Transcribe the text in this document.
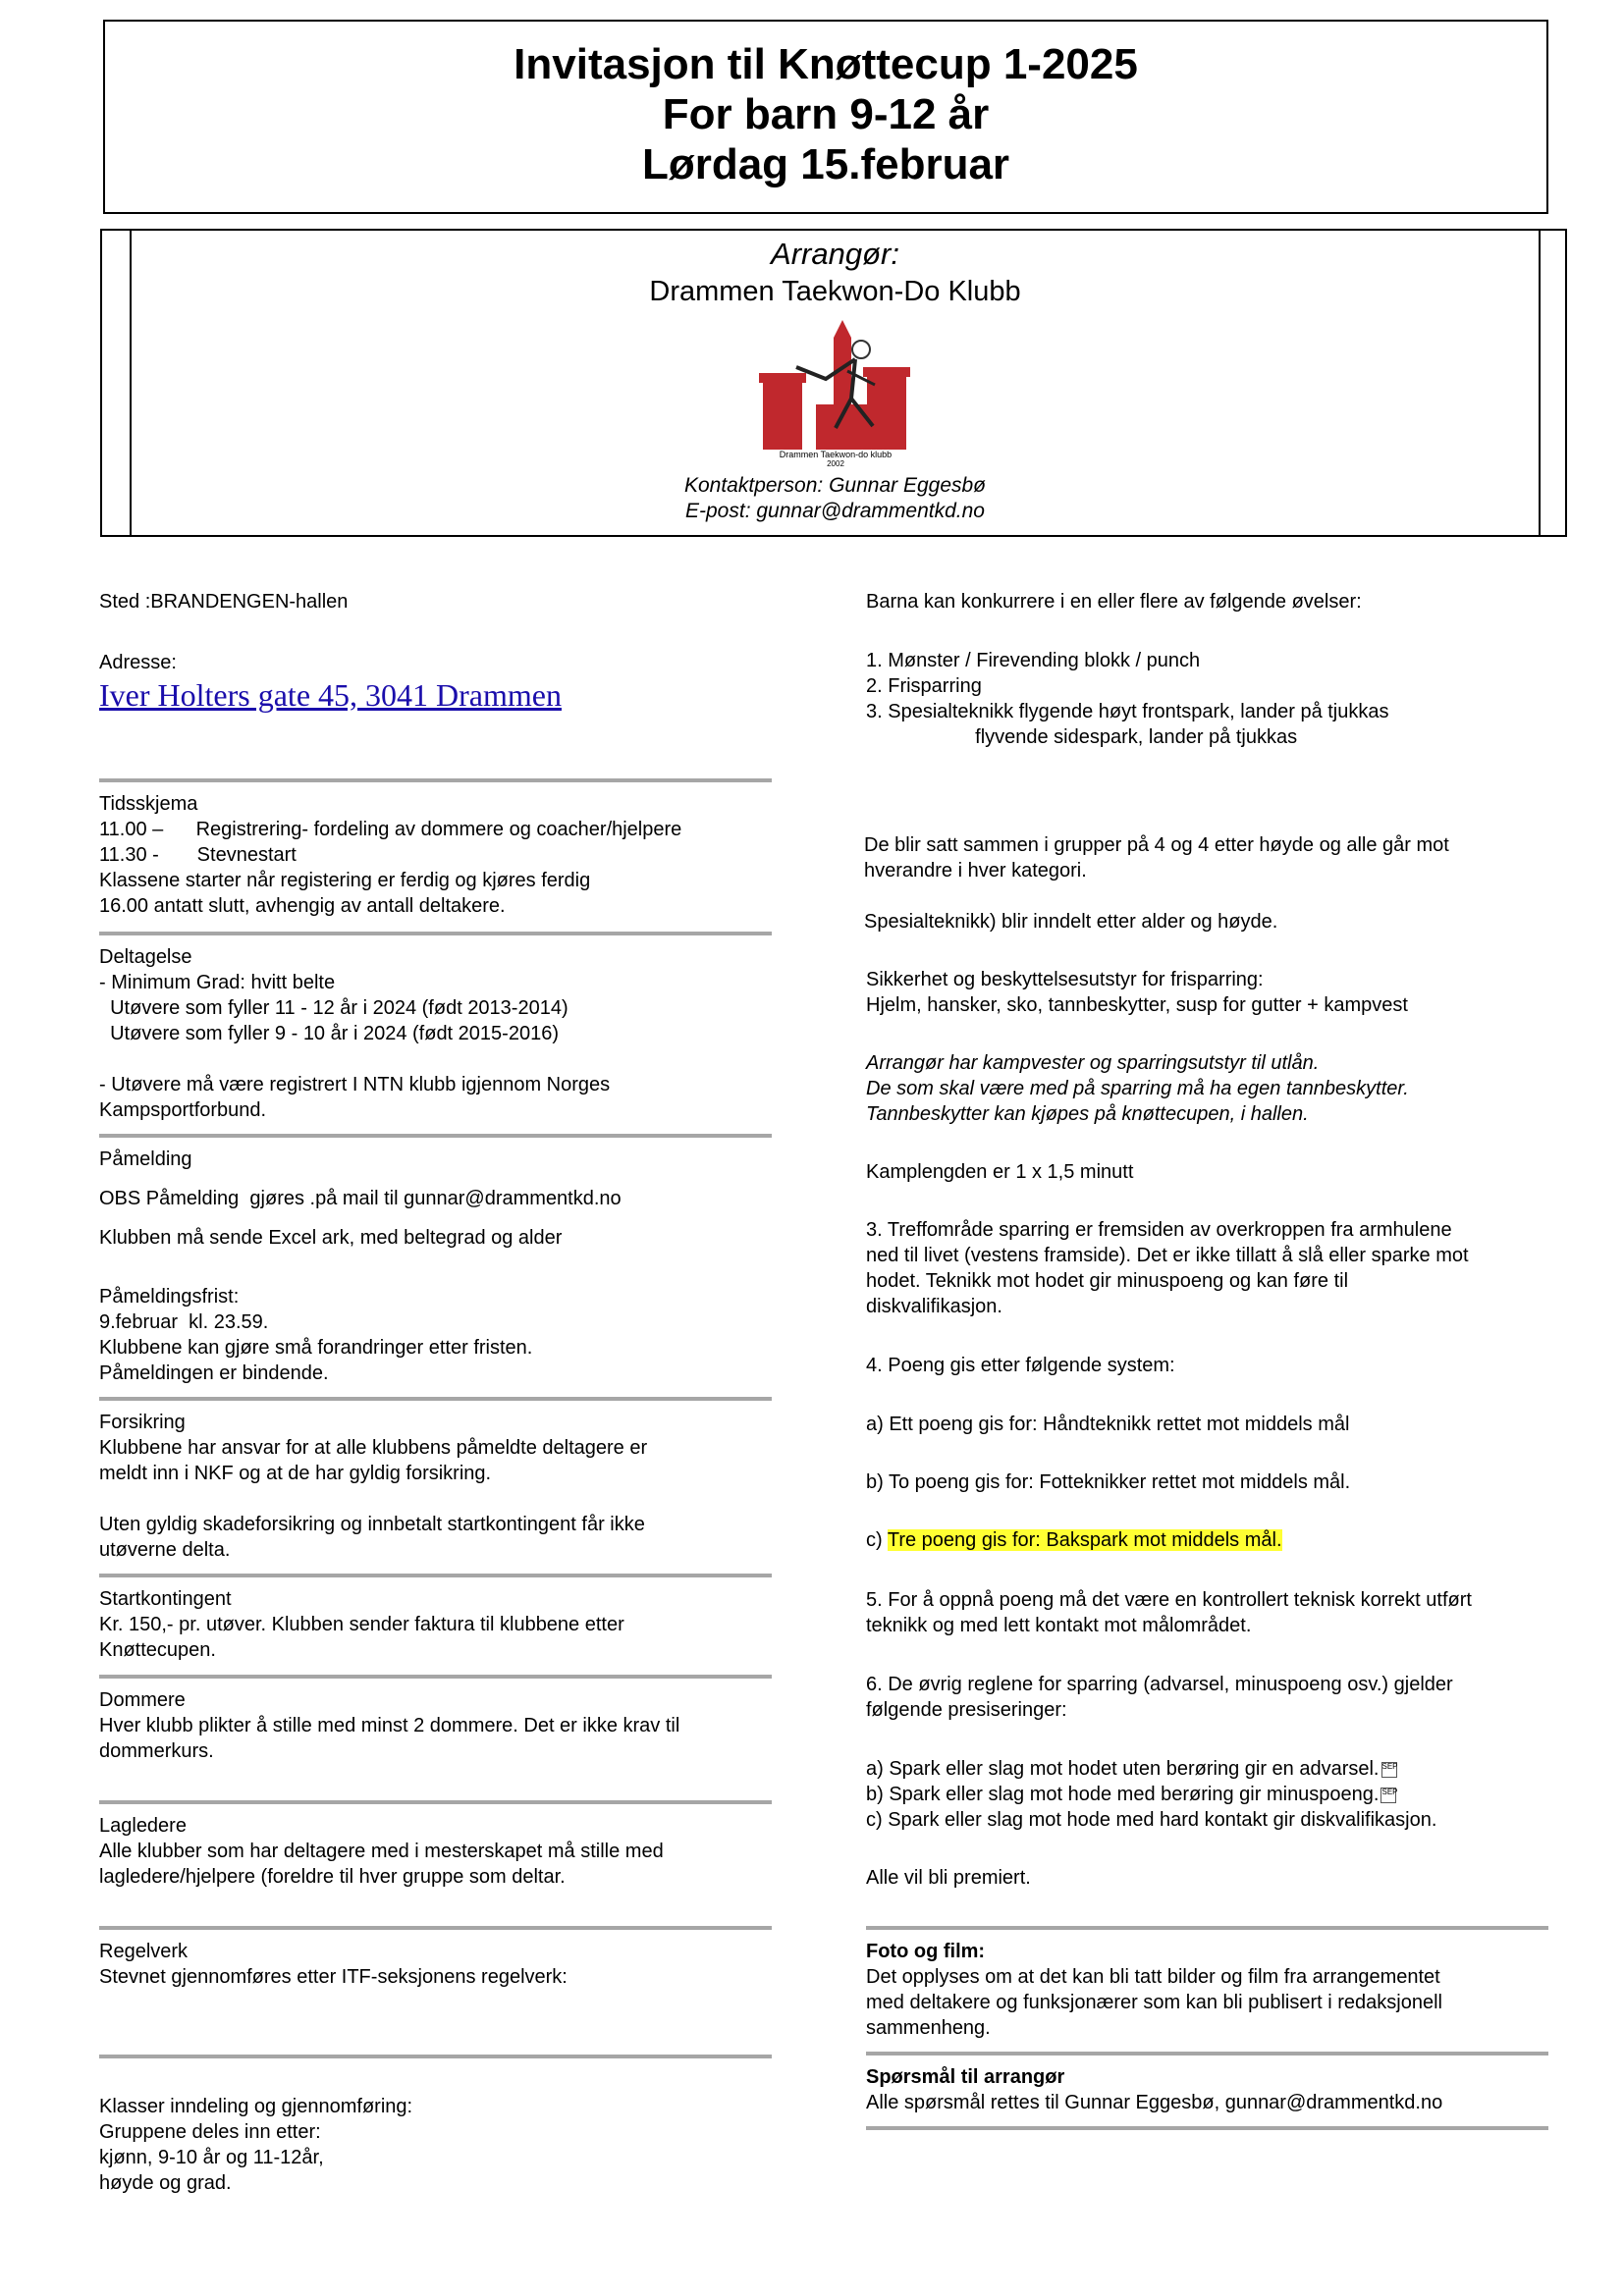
Invitasjon til Knøttecup 1-2025
For barn 9-12 år
Lørdag 15.februar
Arrangør:
Drammen Taekwon-Do Klubb
Drammen Taekwon-do klubb
2002
Kontaktperson: Gunnar Eggesbø
E-post: gunnar@drammentkd.no
Sted :BRANDENGEN-hallen
Adresse:
Iver Holters gate 45, 3041 Drammen
Tidsskjema
11.00 –      Registrering- fordeling av dommere og coacher/hjelpere
11.30 -       Stevnestart
Klassene starter når registering er ferdig og kjøres ferdig
16.00 antatt slutt, avhengig av antall deltakere.
Deltagelse
- Minimum Grad: hvitt belte
Utøvere som fyller 11 - 12 år i 2024 (født 2013-2014)
Utøvere som fyller 9 - 10 år i 2024 (født 2015-2016)
- Utøvere må være registrert I NTN klubb igjennom Norges
Kampsportforbund.
Påmelding
OBS Påmelding  gjøres .på mail til gunnar@drammentkd.no
Klubben må sende Excel ark, med beltegrad og alder
Påmeldingsfrist:
9.februar  kl. 23.59.
Klubbene kan gjøre små forandringer etter fristen.
Påmeldingen er bindende.
Forsikring
Klubbene har ansvar for at alle klubbens påmeldte deltagere er
meldt inn i NKF og at de har gyldig forsikring.
Uten gyldig skadeforsikring og innbetalt startkontingent får ikke
utøverne delta.
Startkontingent
Kr. 150,- pr. utøver. Klubben sender faktura til klubbene etter
Knøttecupen.
Dommere
Hver klubb plikter å stille med minst 2 dommere. Det er ikke krav til
dommerkurs.
Lagledere
Alle klubber som har deltagere med i mesterskapet må stille med
lagledere/hjelpere (foreldre til hver gruppe som deltar.
Regelverk
Stevnet gjennomføres etter ITF-seksjonens regelverk:
Klasser inndeling og gjennomføring:
Gruppene deles inn etter:
kjønn, 9-10 år og 11-12år,
høyde og grad.
Barna kan konkurrere i en eller flere av følgende øvelser:
1. Mønster / Firevending blokk / punch
2. Frisparring
3. Spesialteknikk flygende høyt frontspark, lander på tjukkas
flyvende sidespark, lander på tjukkas
De blir satt sammen i grupper på 4 og 4 etter høyde og alle går mot
hverandre i hver kategori.
Spesialteknikk) blir inndelt etter alder og høyde.
Sikkerhet og beskyttelsesutstyr for frisparring:
Hjelm, hansker, sko, tannbeskytter, susp for gutter + kampvest
Arrangør har kampvester og sparringsutstyr til utlån.
De som skal være med på sparring må ha egen tannbeskytter.
Tannbeskytter kan kjøpes på knøttecupen, i hallen.
Kamplengden er 1 x 1,5 minutt
3. Treffområde sparring er fremsiden av overkroppen fra armhulene
ned til livet (vestens framside). Det er ikke tillatt å slå eller sparke mot
hodet. Teknikk mot hodet gir minuspoeng og kan føre til
diskvalifikasjon.
4. Poeng gis etter følgende system:
a) Ett poeng gis for: Håndteknikk rettet mot middels mål
b) To poeng gis for: Fotteknikker rettet mot middels mål.
c) Tre poeng gis for: Bakspark mot middels mål.
5. For å oppnå poeng må det være en kontrollert teknisk korrekt utført
teknikk og med lett kontakt mot målområdet.
6. De øvrig reglene for sparring (advarsel, minuspoeng osv.) gjelder
følgende presiseringer:
a) Spark eller slag mot hodet uten berøring gir en advarsel. SEP
b) Spark eller slag mot hode med berøring gir minuspoeng. SEP
c) Spark eller slag mot hode med hard kontakt gir diskvalifikasjon.
Alle vil bli premiert.
Foto og film:
Det opplyses om at det kan bli tatt bilder og film fra arrangementet
med deltakere og funksjonærer som kan bli publisert i redaksjonell
sammenheng.
Spørsmål til arrangør
Alle spørsmål rettes til Gunnar Eggesbø, gunnar@drammentkd.no
